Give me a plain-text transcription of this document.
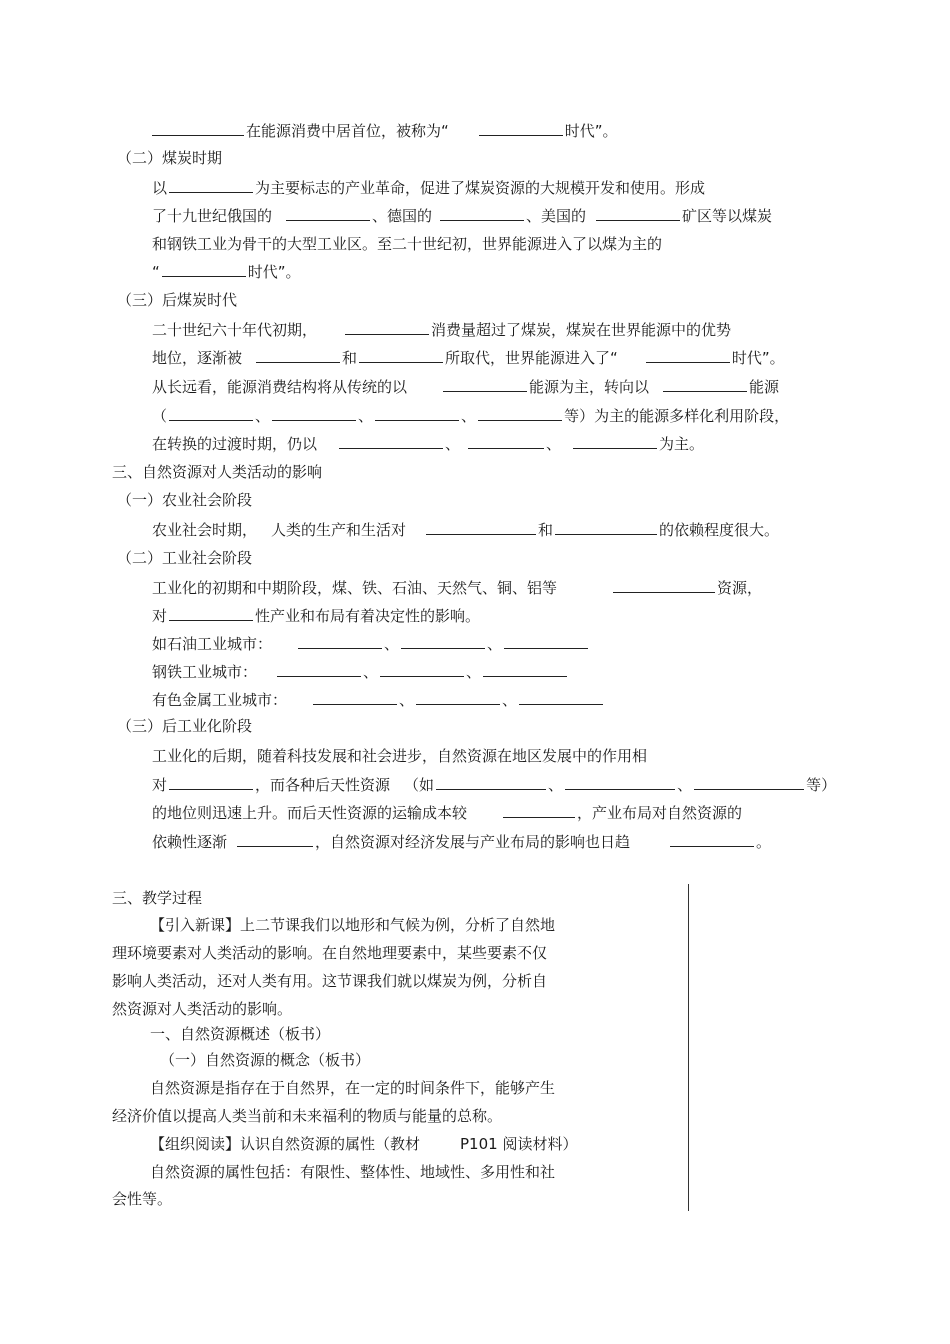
在能源消费中居首位，被称为“	时代”。
（二）煤炭时期
以	为主要标志的产业革命，促进了煤炭资源的大规模开发和使用。形成
了十九世纪俄国的	、德国的	、美国的	矿区等以煤炭
和钢铁工业为骨干的大型工业区。至二十世纪初，世界能源进入了以煤为主的
“	时代”。
（三）后煤炭时代
二十世纪六十年代初期，	消费量超过了煤炭，煤炭在世界能源中的优势
地位，逐渐被	和	所取代，世界能源进入了“	时代”。
从长远看，能源消费结构将从传统的以	能源为主，转向以	能源
（	、	、	、	等）为主的能源多样化利用阶段，
在转换的过渡时期，仍以	、	、	为主。
三、自然资源对人类活动的影响
（一）农业社会阶段
农业社会时期， 人类的生产和生活对	和	的依赖程度很大。
（二）工业社会阶段
工业化的初期和中期阶段，煤、铁、石油、天然气、铜、铝等	资源，
对	性产业和布局有着决定性的影响。
如石油工业城市：	、	、
钢铁工业城市：	、	、
有色金属工业城市：	、	、
（三）后工业化阶段
工业化的后期，随着科技发展和社会进步，自然资源在地区发展中的作用相
对	，而各种后天性资源 （如	、	、	等）
的地位则迅速上升。而后天性资源的运输成本较	，产业布局对自然资源的
依赖性逐渐	，自然资源对经济发展与产业布局的影响也日趋	。
三、教学过程
【引入新课】上二节课我们以地形和气候为例，分析了自然地
理环境要素对人类活动的影响。在自然地理要素中，某些要素不仅
影响人类活动，还对人类有用。这节课我们就以煤炭为例，分析自
然资源对人类活动的影响。
一、自然资源概述（板书）
（一）自然资源的概念（板书）
自然资源是指存在于自然界，在一定的时间条件下，能够产生
经济价值以提高人类当前和未来福利的物质与能量的总称。
【组织阅读】认识自然资源的属性（教材	P101 阅读材料）
自然资源的属性包括：有限性、整体性、地域性、多用性和社
会性等。
